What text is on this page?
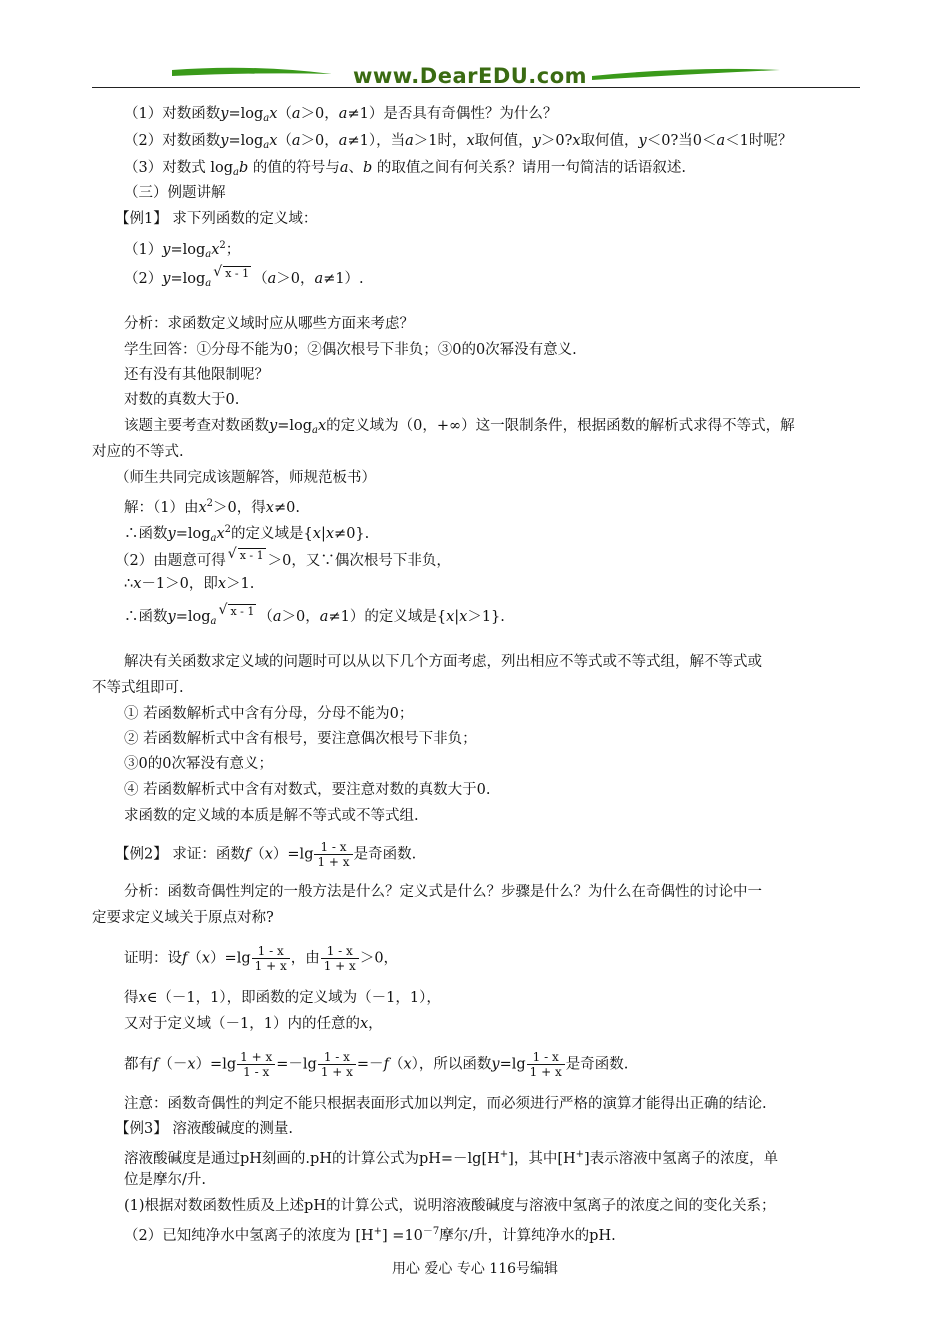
www.DearEDU.com
（1）对数函数$y=\log_ax(a>0$，a≠1）是否具有奇偶性？为什么？
（2）对数函数$y=\log_ax(a>0$，a≠1），当a＞1时，x取何值，y＞0?x取何值，y＜0?当0＜a＜1时呢？
（3）对数式 $\log_ab$ 的值的符号与a、b 的取值之间有何关系？请用一句简洁的话语叙述.
（三）例题讲解
【例1】 求下列函数的定义域：
$(1)y=\log_ax^2$；
$(2)y=\log_a$
√ x - 1 （a＞0，a≠1）.
分析：求函数定义域时应从哪些方面来考虑？
学生回答：①分母不能为0；②偶次根号下非负；③0的0次幂没有意义.
还有没有其他限制呢？
对数的真数大于0.
该题主要考查对数函数$y=\log_ax$的定义域为（0，+∞）这一限制条件，根据函数的解析式求得不等式，解
对应的不等式.
（师生共同完成该题解答，师规范板书）
解：（1）由$x^2>0$，得x≠0.
∴函数$y=\log_ax^2$的定义域是{x|x≠0}.
（2）由题意可得 √ x - 1 ＞0，又∵偶次根号下非负，
∴x－1＞0，即x＞1.
∴函数$y=\log_a$
√ x - 1 （a＞0，a≠1）的定义域是{x|x＞1}.
解决有关函数求定义域的问题时可以从以下几个方面考虑，列出相应不等式或不等式组，解不等式或
不等式组即可.
① 若函数解析式中含有分母，分母不能为0；
② 若函数解析式中含有根号，要注意偶次根号下非负；
③0的0次幂没有意义；
④ 若函数解析式中含有对数式，要注意对数的真数大于0.
求函数的定义域的本质是解不等式或不等式组.
【例2】 求证：函数$f(x)=\lg \frac{1 - x}{1 + x}$ 是奇函数.
分析：函数奇偶性判定的一般方法是什么？定义式是什么？步骤是什么？为什么在奇偶性的讨论中一
定要求定义域关于原点对称?
证明：设$f(x)=\lg \frac{1 - x}{1 + x}$ ，由 $\frac{1 - x}{1 + x} >0$，
得x∈（－1，1），即函数的定义域为（－1，1），
又对于定义域（－1，1）内的任意的x，
都有$f(-x)=\lg \frac{1 + x}{1 - x} =-\lg \frac{1 - x}{1 + x} =-f(x)$，所以函数$y=\lg \frac{1 - x}{1 + x}$ 是奇函数.
注意：函数奇偶性的判定不能只根据表面形式加以判定，而必须进行严格的演算才能得出正确的结论.
【例3】 溶液酸碱度的测量.
溶液酸碱度是通过pH刻画的.pH的计算公式为pH=－lg[H+]，其中[H+]表示溶液中氢离子的浓度，单
位是摩尔/升.
(1)根据对数函数性质及上述pH的计算公式，说明溶液酸碱度与溶液中氢离子的浓度之间的变化关系；
（2）已知纯净水中氢离子的浓度为 $[H^+] =10^{-7}$摩尔/升，计算纯净水的pH.
用心 爱心 专心 116号编辑
